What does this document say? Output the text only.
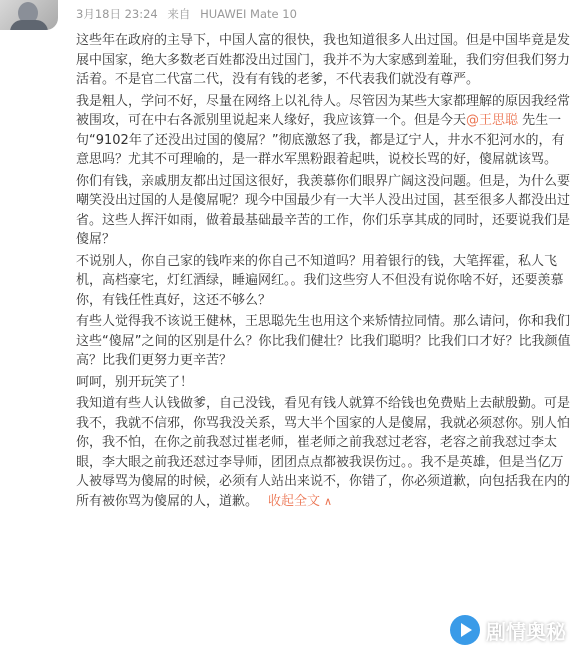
3月18日 23:24 来自 HUAWEI Mate 10

这些年在政府的主导下，中国人富的很快，我也知道很多人出过国。但是中国毕竟是发展中国家，绝大多数老百姓都没出过国门，我并不为大家感到羞耻，我们穷但我们努力活着。不是官二代富二代，没有有钱的老爹，不代表我们就没有尊严。

我是粗人，学问不好，尽量在网络上以礼待人。尽管因为某些大家都理解的原因我经常被围攻，可在中右各派别里说起来人缘好，我应该算一个。但是今天@王思聪 先生一句“9102年了还没出过国的傻屌？”彻底激怒了我，都是辽宁人，井水不犯河水的，有意思吗？尤其不可理喻的，是一群水军黑粉跟着起哄，说校长骂的好，傻屌就该骂。

你们有钱，亲戚朋友都出过国这很好，我羡慕你们眼界广阔这没问题。但是，为什么要嘲笑没出过国的人是傻屌呢？现今中国最少有一大半人没出过国，甚至很多人都没出过省。这些人挥汗如雨，做着最基础最辛苦的工作，你们乐享其成的同时，还要说我们是傻屌？

不说别人，你自己家的钱咋来的你自己不知道吗？用着银行的钱，大笔挥霍，私人飞机，高档豪宅，灯红酒绿，睡遍网红。。我们这些穷人不但没有说你啥不好，还要羡慕你，有钱任性真好，这还不够么？

有些人觉得我不该说王健林，王思聪先生也用这个来矫情拉同情。那么请问，你和我们这些“傻屌”之间的区别是什么？你比我们健壮？比我们聪明？比我们口才好？比我颜值高？比我们更努力更辛苦？

呵呵，别开玩笑了！

我知道有些人认钱做爹，自己没钱，看见有钱人就算不给钱也免费贴上去献殷勤。可是我不，我就不信邪，你骂我没关系，骂大半个国家的人是傻屌，我就必须怼你。别人怕你，我不怕，在你之前我怼过崔老师，崔老师之前我怼过老容，老容之前我怼过李太眼，李大眼之前我还怼过李导师，团团点点都被我误伤过。。我不是英雄，但是当亿万人被辱骂为傻屌的时候，必须有人站出来说不，你错了，你必须道歉，向包括我在内的所有被你骂为傻屌的人，道歉。 收起全文 ∧

剧情奥秘
